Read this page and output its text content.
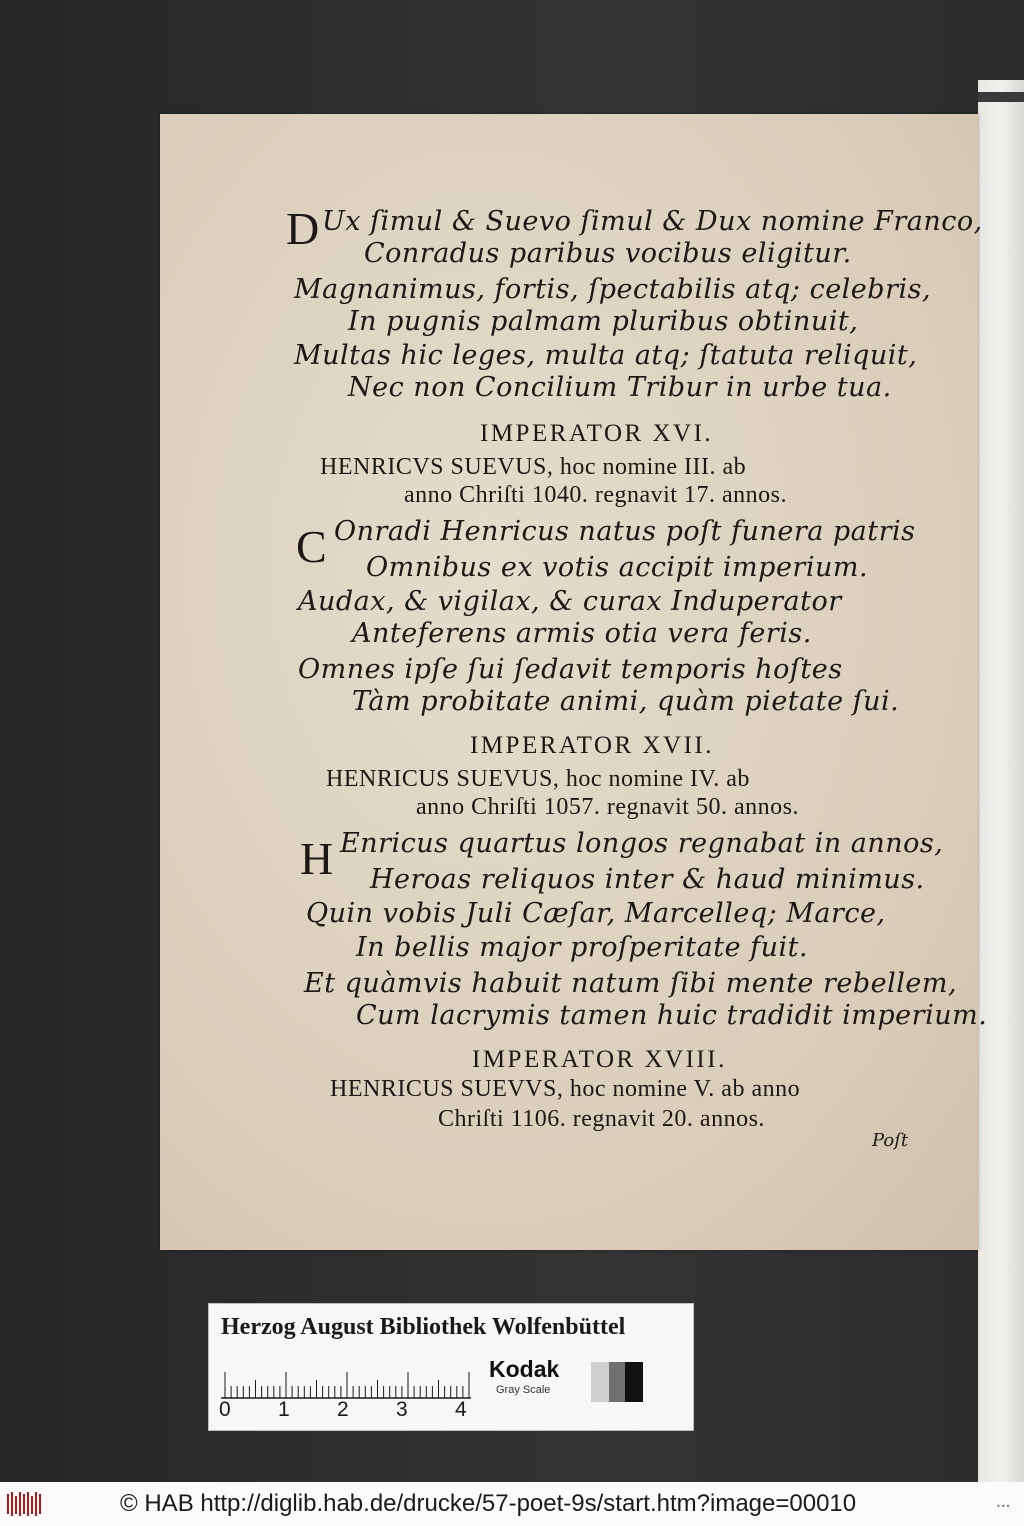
D Ux ſimul & Suevo ſimul & Dux nomine Franco,
Conradus paribus vocibus eligitur.
Magnanimus, fortis, ſpectabilis atq; celebris,
In pugnis palmam pluribus obtinuit,
Multas hic leges, multa atq; ſtatuta reliquit,
Nec non Concilium Tribur in urbe tua.
IMPERATOR XVI.
HENRICVS SUEVUS, hoc nomine III. ab
anno Chriſti 1040. regnavit 17. annos.
C Onradi Henricus natus poſt funera patris
Omnibus ex votis accipit imperium.
Audax, & vigilax, & curax Induperator
Anteferens armis otia vera feris.
Omnes ipſe ſui ſedavit temporis hoſtes
Tàm probitate animi, quàm pietate ſui.
IMPERATOR XVII.
HENRICUS SUEVUS, hoc nomine IV. ab
anno Chriſti 1057. regnavit 50. annos.
H Enricus quartus longos regnabat in annos,
Heroas reliquos inter & haud minimus.
Quin vobis Juli Cæſar, Marcelleq; Marce,
In bellis major proſperitate fuit.
Et quàmvis habuit natum ſibi mente rebellem,
Cum lacrymis tamen huic tradidit imperium.
IMPERATOR XVIII.
HENRICUS SUEVVS, hoc nomine V. ab anno
Chriſti 1106. regnavit 20. annos.
Poſt
Herzog August Bibliothek Wolfenbüttel
0 1 2 3 4
Kodak
Gray Scale
© HAB http://diglib.hab.de/drucke/57-poet-9s/start.htm?image=00010	•••
